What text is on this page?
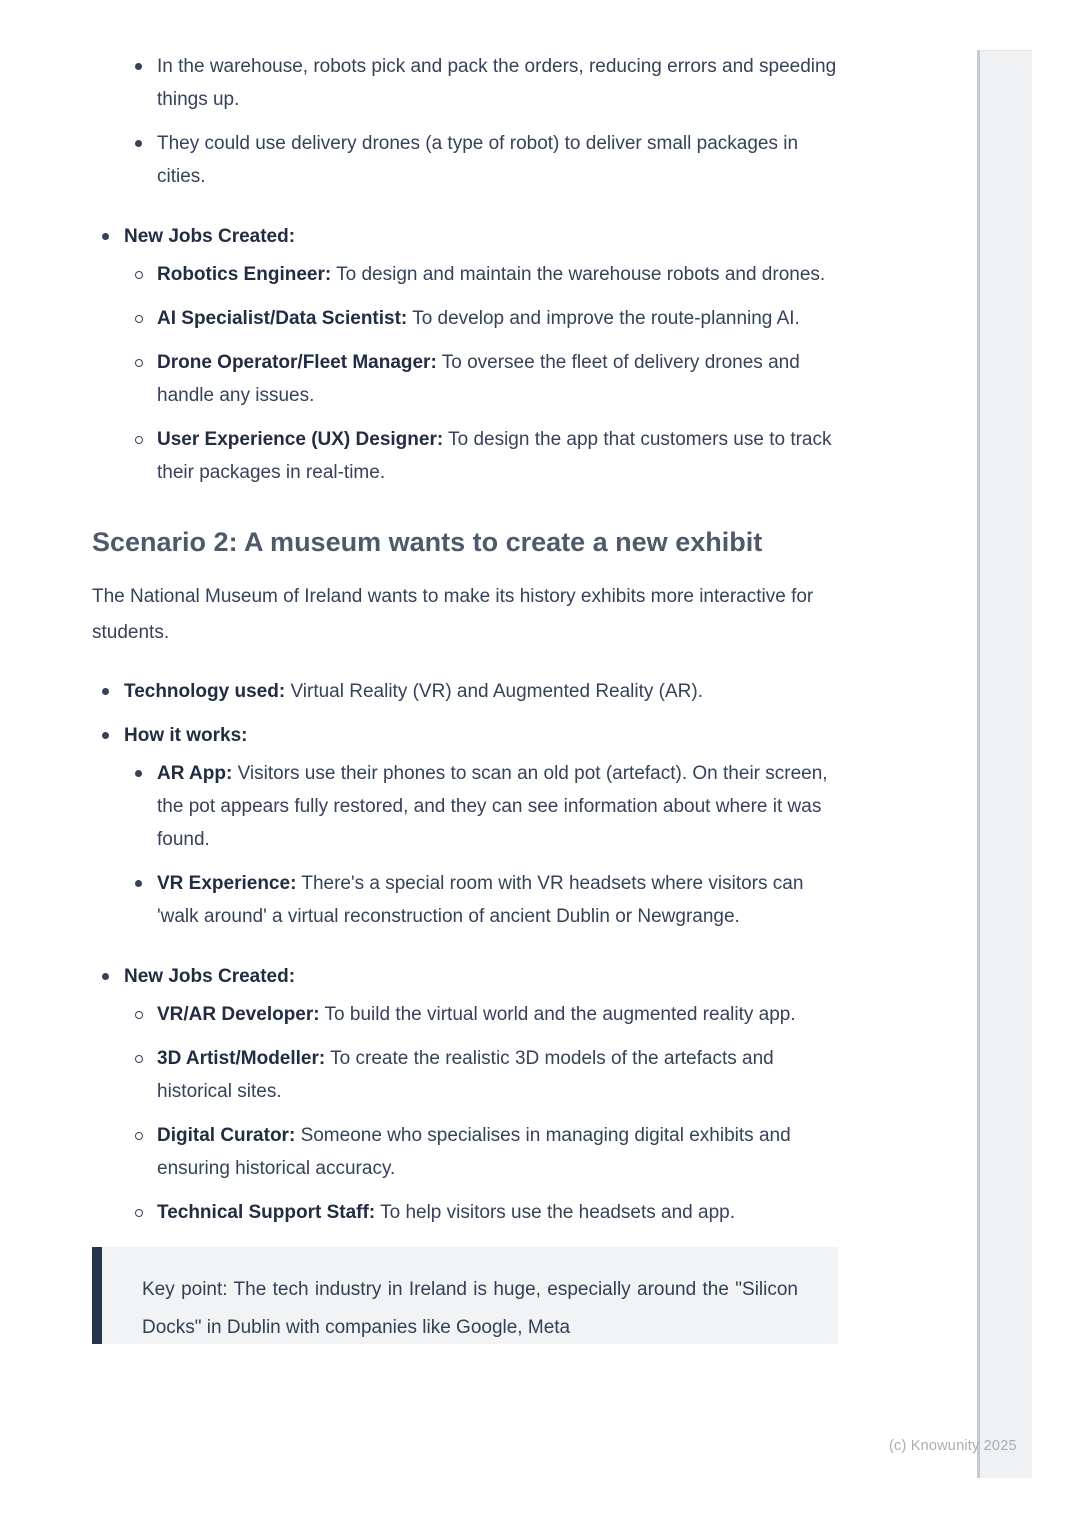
(c) Knowunity 2025

In the warehouse, robots pick and pack the orders, reducing errors and speeding things up.

They could use delivery drones (a type of robot) to deliver small packages in cities.

New Jobs Created:

Robotics Engineer: To design and maintain the warehouse robots and drones.

AI Specialist/Data Scientist: To develop and improve the route-planning AI.

Drone Operator/Fleet Manager: To oversee the fleet of delivery drones and handle any issues.

User Experience (UX) Designer: To design the app that customers use to track their packages in real-time.

Scenario 2: A museum wants to create a new exhibit

The National Museum of Ireland wants to make its history exhibits more interactive for students.

Technology used: Virtual Reality (VR) and Augmented Reality (AR).

How it works:

AR App: Visitors use their phones to scan an old pot (artefact). On their screen, the pot appears fully restored, and they can see information about where it was found.

VR Experience: There's a special room with VR headsets where visitors can 'walk around' a virtual reconstruction of ancient Dublin or Newgrange.

New Jobs Created:

VR/AR Developer: To build the virtual world and the augmented reality app.

3D Artist/Modeller: To create the realistic 3D models of the artefacts and historical sites.

Digital Curator: Someone who specialises in managing digital exhibits and ensuring historical accuracy.

Technical Support Staff: To help visitors use the headsets and app.

Key point: The tech industry in Ireland is huge, especially around the "Silicon Docks" in Dublin with companies like Google, Meta
